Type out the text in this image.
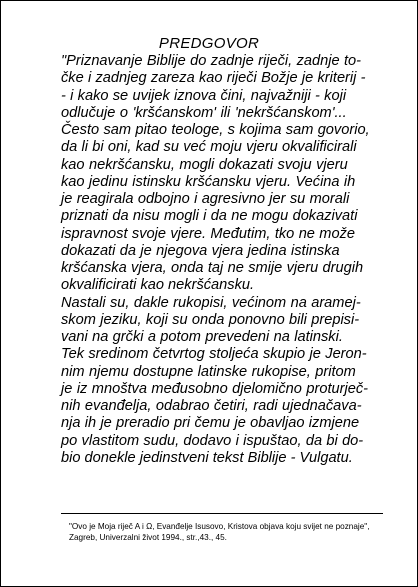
PREDGOVOR
"Priznavanje Biblije do zadnje riječi, zadnje to-
čke i zadnjeg zareza kao riječi Božje je kriterij -
- i kako se uvijek iznova čini, najvažniji - koji
odlučuje o 'kršćanskom' ili 'nekršćanskom'...
Često sam pitao teologe, s kojima sam govorio,
da li bi oni, kad su već moju vjeru okvalificirali
kao nekršćansku, mogli dokazati svoju vjeru
kao jedinu istinsku kršćansku vjeru. Većina ih
je reagirala odbojno i agresivno jer su morali
priznati da nisu mogli i da ne mogu dokazivati
ispravnost svoje vjere. Međutim, tko ne može
dokazati da je njegova vjera jedina istinska
kršćanska vjera, onda taj ne smije vjeru drugih
okvalificirati kao nekršćansku.
Nastali su, dakle rukopisi, većinom na aramej-
skom jeziku, koji su onda ponovno bili prepisi-
vani na grčki a potom prevedeni na latinski.
Tek sredinom četvrtog stoljeća skupio je Jeron-
nim njemu dostupne latinske rukopise, pritom
je iz mnoštva međusobno djelomično proturječ-
nih evanđelja, odabrao četiri, radi ujednačava-
nja ih je preradio pri čemu je obavljao izmjene
po vlastitom sudu, dodavo i ispuštao, da bi do-
bio donekle jedinstveni tekst Biblije - Vulgatu.
"Ovo je Moja riječ A i Ω, Evanđelje Isusovo, Kristova objava koju svijet ne poznaje",
Zagreb, Univerzalni život 1994., str.,43., 45.
